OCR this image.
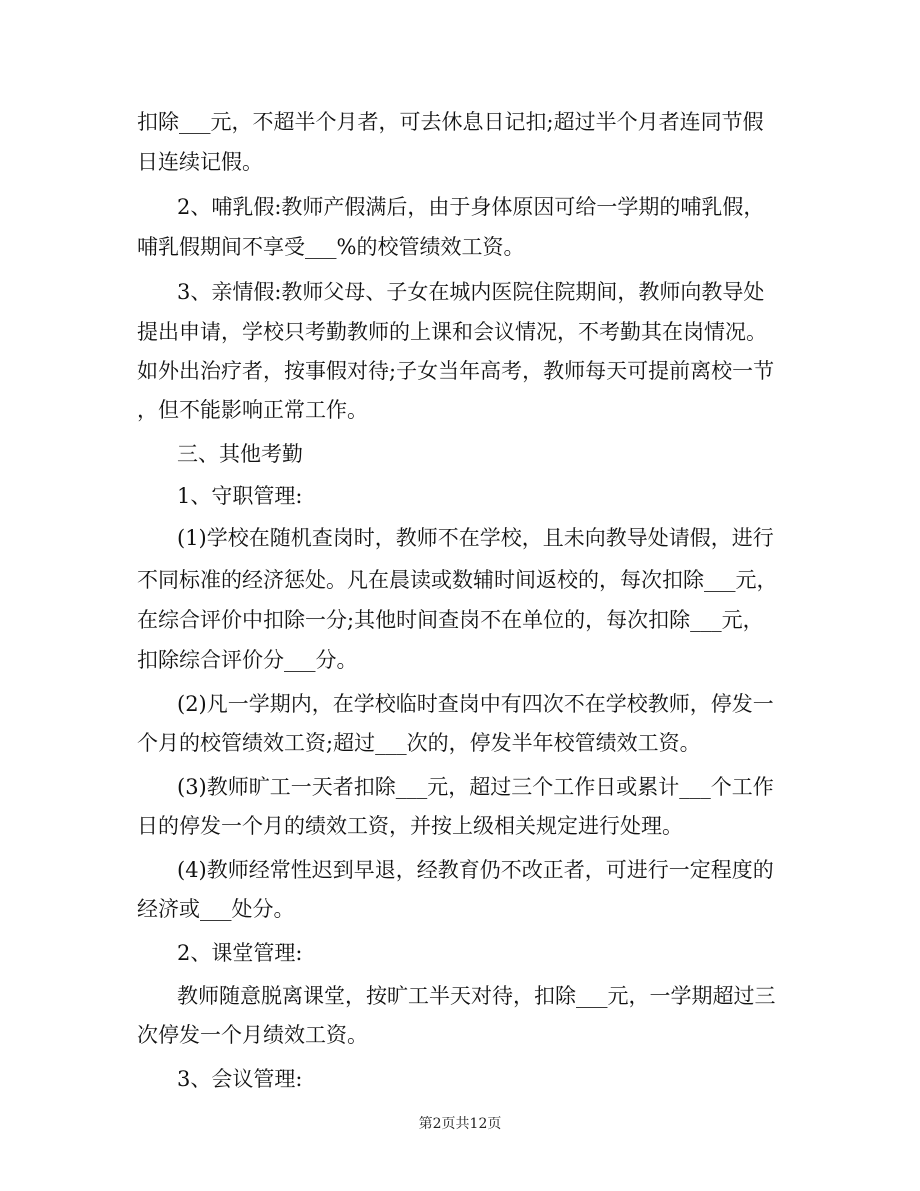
扣除___元，不超半个月者，可去休息日记扣;超过半个月者连同节假
日连续记假。
2、哺乳假:教师产假满后，由于身体原因可给一学期的哺乳假，
哺乳假期间不享受___%的校管绩效工资。
3、亲情假:教师父母、子女在城内医院住院期间，教师向教导处
提出申请，学校只考勤教师的上课和会议情况，不考勤其在岗情况。
如外出治疗者，按事假对待;子女当年高考，教师每天可提前离校一节
，但不能影响正常工作。
三、其他考勤
1、守职管理:
(1)学校在随机查岗时，教师不在学校，且未向教导处请假，进行
不同标准的经济惩处。凡在晨读或数辅时间返校的，每次扣除___元，
在综合评价中扣除一分;其他时间查岗不在单位的，每次扣除___元，
扣除综合评价分___分。
(2)凡一学期内，在学校临时查岗中有四次不在学校教师，停发一
个月的校管绩效工资;超过___次的，停发半年校管绩效工资。
(3)教师旷工一天者扣除___元，超过三个工作日或累计___个工作
日的停发一个月的绩效工资，并按上级相关规定进行处理。
(4)教师经常性迟到早退，经教育仍不改正者，可进行一定程度的
经济或___处分。
2、课堂管理:
教师随意脱离课堂，按旷工半天对待，扣除___元，一学期超过三
次停发一个月绩效工资。
3、会议管理:
第2页共12页
